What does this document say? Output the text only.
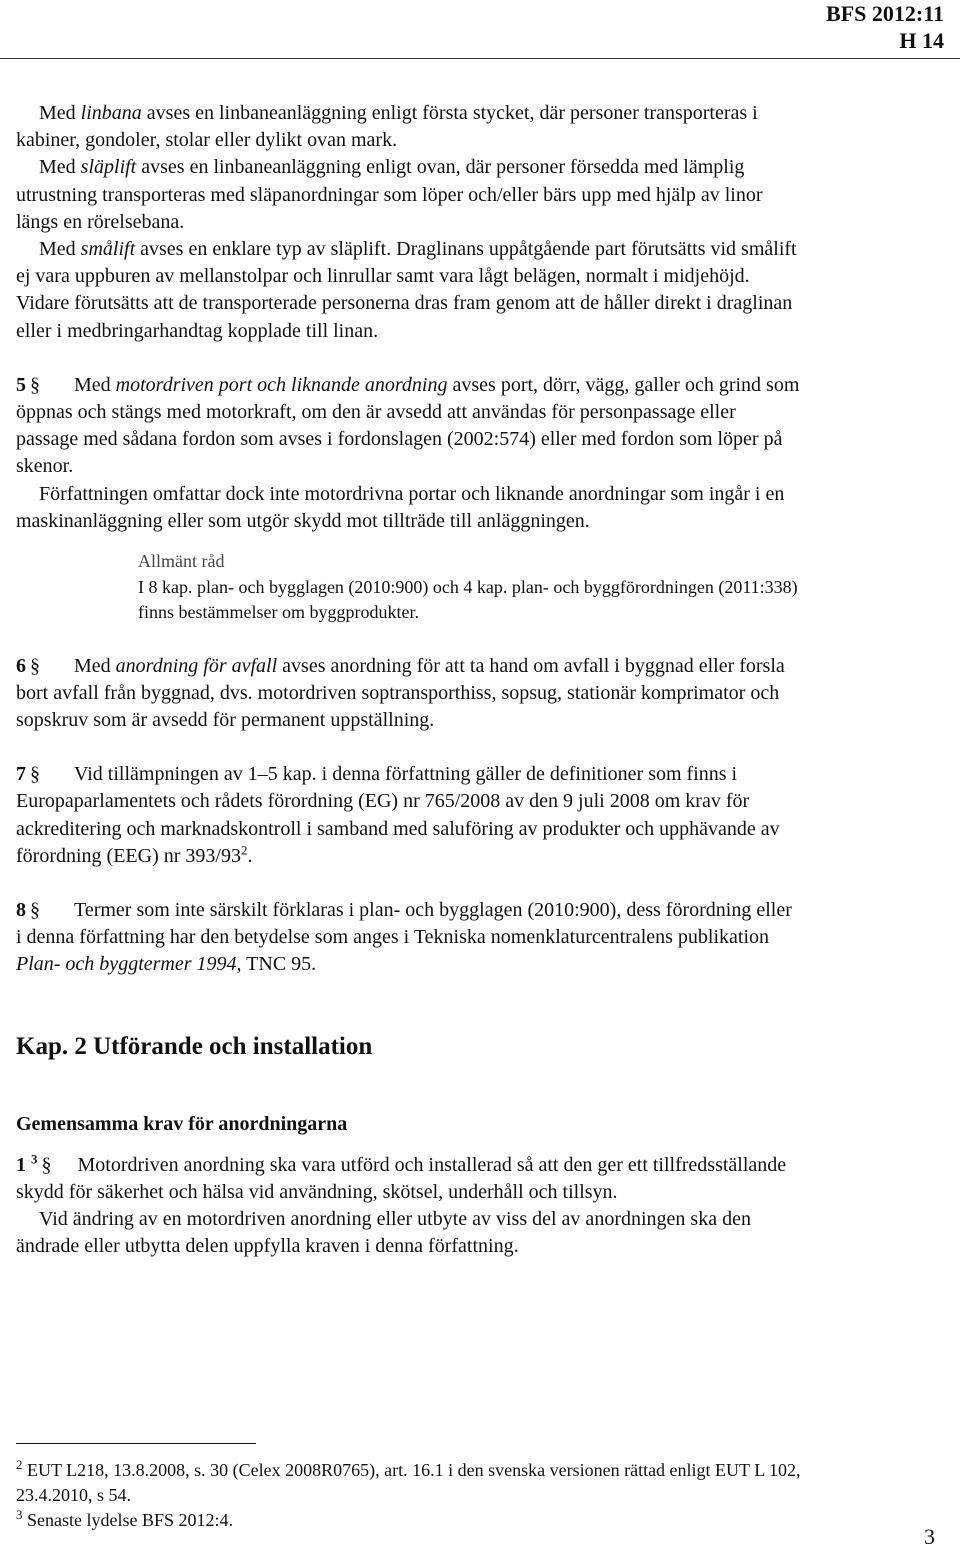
BFS 2012:11
H 14

Med linbana avses en linbaneanläggning enligt första stycket, där personer transporteras i kabiner, gondoler, stolar eller dylikt ovan mark.

Med släplift avses en linbaneanläggning enligt ovan, där personer försedda med lämplig utrustning transporteras med släpanordningar som löper och/eller bärs upp med hjälp av linor längs en rörelsebana.

Med smålift avses en enklare typ av släplift. Draglinans uppåtgående part förutsätts vid smålift ej vara uppburen av mellanstolpar och linrullar samt vara lågt belägen, normalt i midjehöjd. Vidare förutsätts att de transporterade personerna dras fram genom att de håller direkt i draglinan eller i medbringarhandtag kopplade till linan.

5 § Med motordriven port och liknande anordning avses port, dörr, vägg, galler och grind som öppnas och stängs med motorkraft, om den är avsedd att användas för personpassage eller passage med sådana fordon som avses i fordonslagen (2002:574) eller med fordon som löper på skenor.

Författningen omfattar dock inte motordrivna portar och liknande anordningar som ingår i en maskinanläggning eller som utgör skydd mot tillträde till anläggningen.

Allmänt råd
I 8 kap. plan- och bygglagen (2010:900) och 4 kap. plan- och byggförordningen (2011:338) finns bestämmelser om byggprodukter.

6 § Med anordning för avfall avses anordning för att ta hand om avfall i byggnad eller forsla bort avfall från byggnad, dvs. motordriven soptransporthiss, sopsug, stationär komprimator och sopskruv som är avsedd för permanent uppställning.

7 § Vid tillämpningen av 1–5 kap. i denna författning gäller de definitioner som finns i Europaparlamentets och rådets förordning (EG) nr 765/2008 av den 9 juli 2008 om krav för ackreditering och marknadskontroll i samband med saluföring av produkter och upphävande av förordning (EEG) nr $393/93^2$.

8 § Termer som inte särskilt förklaras i plan- och bygglagen (2010:900), dess förordning eller i denna författning har den betydelse som anges i Tekniska nomenklaturcentralens publikation Plan- och byggtermer 1994, TNC 95.

Kap. 2 Utförande och installation
Gemensamma krav för anordningarna

1 $^3$ § Motordriven anordning ska vara utförd och installerad så att den ger ett tillfredsställande skydd för säkerhet och hälsa vid användning, skötsel, underhåll och tillsyn.

Vid ändring av en motordriven anordning eller utbyte av viss del av anordningen ska den ändrade eller utbytta delen uppfylla kraven i denna författning.

$^2$ EUT L218, 13.8.2008, s. 30 (Celex 2008R0765), art. 16.1 i den svenska versionen rättad enligt EUT L 102, 23.4.2010, s 54.

$^3$ Senaste lydelse BFS 2012:4.

3
